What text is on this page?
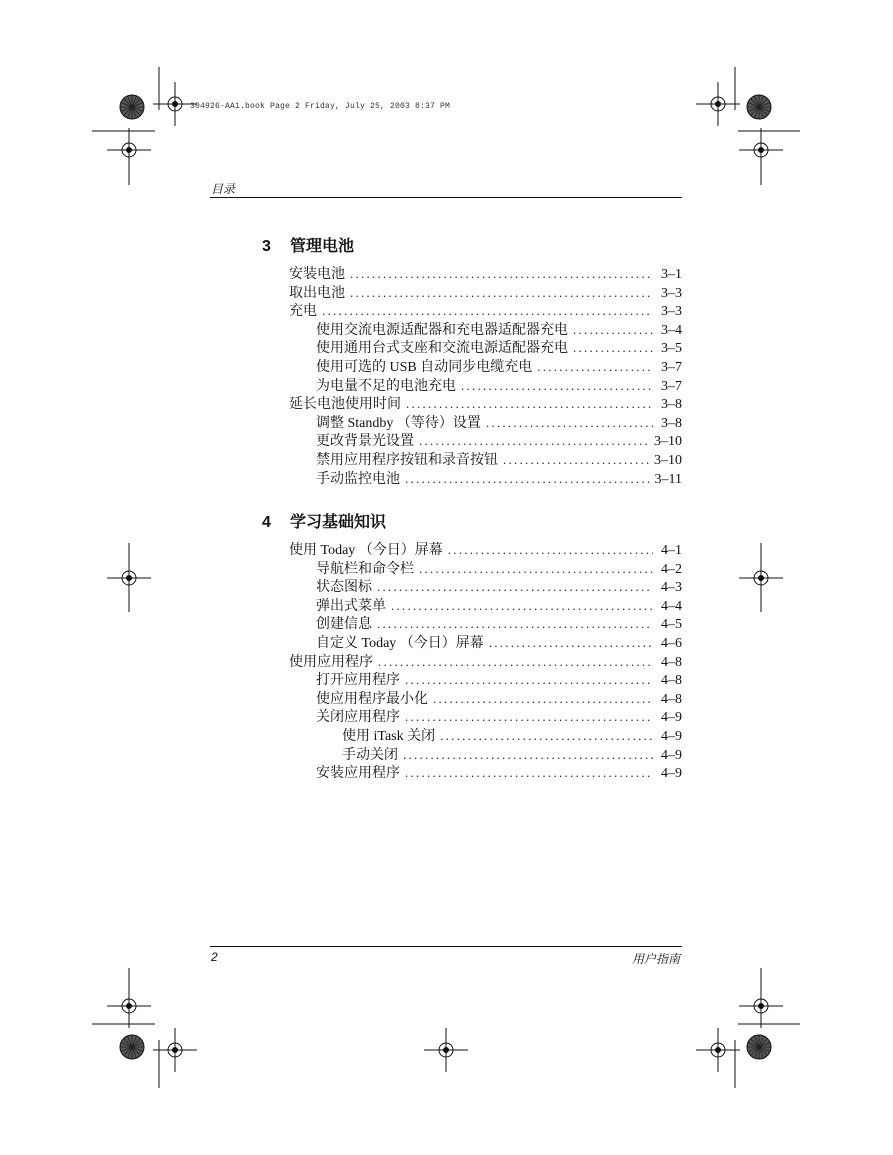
304926-AA1.book Page 2 Friday, July 25, 2003 8:37 PM
目录
3 管理电池
安装电池 . . .	3–1
取出电池 . . .	3–3
充电 . . .	3–3
使用交流电源适配器和充电器适配器充电 . . .	3–4
使用通用台式支座和交流电源适配器充电 . . .	3–5
使用可选的 USB 自动同步电缆充电 . . .	3–7
为电量不足的电池充电 . . .	3–7
延长电池使用时间 . . .	3–8
调整 Standby （等待）设置 . . .	3–8
更改背景光设置 . . .	3–10
禁用应用程序按钮和录音按钮 . . .	3–10
手动监控电池 . . .	3–11
4 学习基础知识
使用 Today （今日）屏幕 . . .	4–1
导航栏和命令栏 . . .	4–2
状态图标 . . .	4–3
弹出式菜单 . . .	4–4
创建信息 . . .	4–5
自定义 Today （今日）屏幕 . . .	4–6
使用应用程序 . . .	4–8
打开应用程序 . . .	4–8
使应用程序最小化 . . .	4–8
关闭应用程序 . . .	4–9
使用 iTask 关闭 . . .	4–9
手动关闭 . . .	4–9
安装应用程序 . . .	4–9
2	用户指南
